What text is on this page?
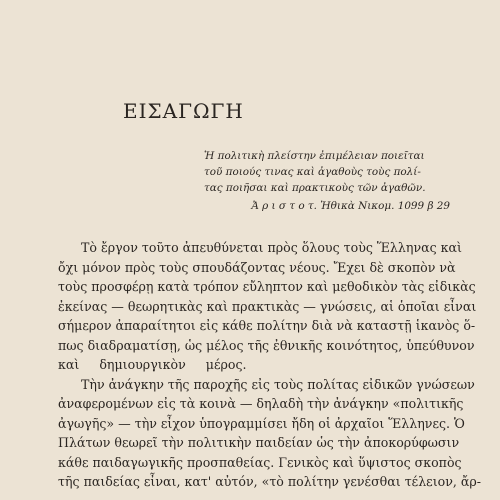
ΕΙΣΑΓΩΓΗ
Ἡ πολιτικὴ πλείστην ἐπιμέλειαν ποιεῖται
τοῦ ποιούς τινας καὶ ἀγαθοὺς τοὺς πολί-
τας ποιῆσαι καὶ πρακτικοὺς τῶν ἀγαθῶν.
Ἀ ρ ι σ τ ο τ. Ἠθικὰ Νικομ. 1099 β 29
Τὸ ἔργον τοῦτο ἀπευθύνεται πρὸς ὅλους τοὺς Ἕλληνας καὶ
ὄχι μόνον πρὸς τοὺς σπουδάζοντας νέους. Ἔχει δὲ σκοπὸν νὰ
τοὺς προσφέρῃ κατὰ τρόπον εὔληπτον καὶ μεθοδικὸν τὰς εἰδικὰς
ἐκείνας — θεωρητικὰς καὶ πρακτικὰς — γνώσεις, αἱ ὁποῖαι εἶναι
σήμερον ἀπαραίτητοι εἰς κάθε πολίτην διὰ νὰ καταστῇ ἱκανὸς ὅ-
πως διαδραματίσῃ, ὡς μέλος τῆς ἐθνικῆς κοινότητος, ὑπεύθυνον
καὶ δημιουργικὸν μέρος.
Τὴν ἀνάγκην τῆς παροχῆς εἰς τοὺς πολίτας εἰδικῶν γνώσεων
ἀναφερομένων εἰς τὰ κοινὰ — δηλαδὴ τὴν ἀνάγκην «πολιτικῆς
ἀγωγῆς» — τὴν εἶχον ὑπογραμμίσει ἤδη οἱ ἀρχαῖοι Ἕλληνες. Ὁ
Πλάτων θεωρεῖ τὴν πολιτικὴν παιδείαν ὡς τὴν ἀποκορύφωσιν
κάθε παιδαγωγικῆς προσπαθείας. Γενικὸς καὶ ὕψιστος σκοπὸς
τῆς παιδείας εἶναι, κατ' αὐτόν, «τὸ πολίτην γενέσθαι τέλειον, ἄρ-
